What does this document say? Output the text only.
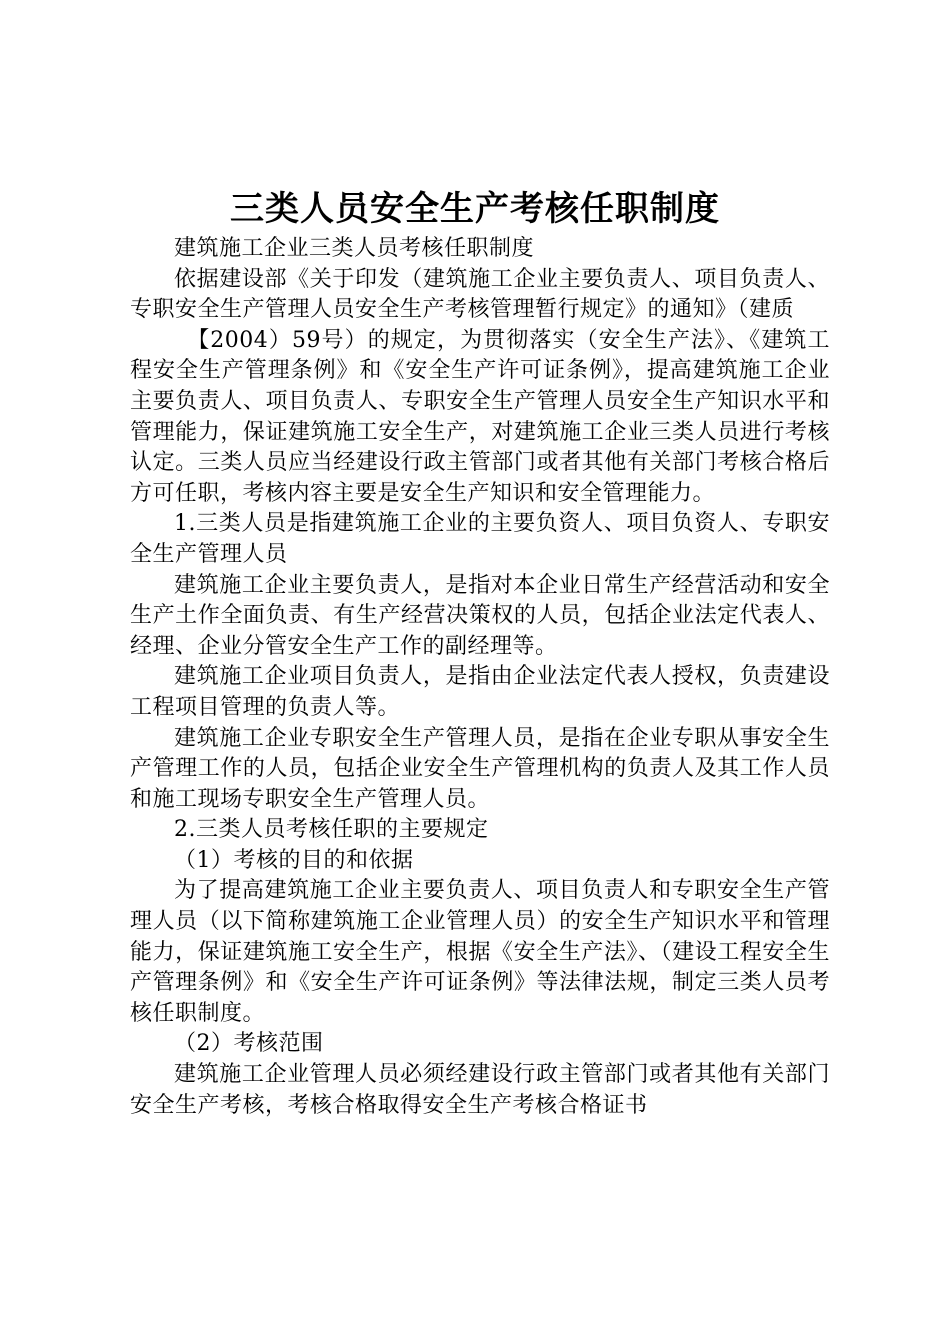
三类人员安全生产考核任职制度

建筑施工企业三类人员考核任职制度

依据建设部《关于印发（建筑施工企业主要负责人、项目负责人、专职安全生产管理人员安全生产考核管理暂行规定》的通知》（建质

【2004）59号）的规定，为贯彻落实（安全生产法》、《建筑工程安全生产管理条例》和《安全生产许可证条例》，提高建筑施工企业主要负责人、项目负责人、专职安全生产管理人员安全生产知识水平和管理能力，保证建筑施工安全生产，对建筑施工企业三类人员进行考核认定。三类人员应当经建设行政主管部门或者其他有关部门考核合格后方可任职，考核内容主要是安全生产知识和安全管理能力。

1.三类人员是指建筑施工企业的主要负资人、项目负资人、专职安全生产管理人员

建筑施工企业主要负责人，是指对本企业日常生产经营活动和安全生产土作全面负责、有生产经营决策权的人员，包括企业法定代表人、经理、企业分管安全生产工作的副经理等。

建筑施工企业项目负责人，是指由企业法定代表人授权，负责建设工程项目管理的负责人等。

建筑施工企业专职安全生产管理人员，是指在企业专职从事安全生产管理工作的人员，包括企业安全生产管理机构的负责人及其工作人员和施工现场专职安全生产管理人员。

2.三类人员考核任职的主要规定

（1）考核的目的和依据

为了提高建筑施工企业主要负责人、项目负责人和专职安全生产管理人员（以下简称建筑施工企业管理人员）的安全生产知识水平和管理能力，保证建筑施工安全生产，根据《安全生产法》、（建设工程安全生产管理条例》和《安全生产许可证条例》等法律法规，制定三类人员考核任职制度。

（2）考核范围

建筑施工企业管理人员必须经建设行政主管部门或者其他有关部门安全生产考核，考核合格取得安全生产考核合格证书
